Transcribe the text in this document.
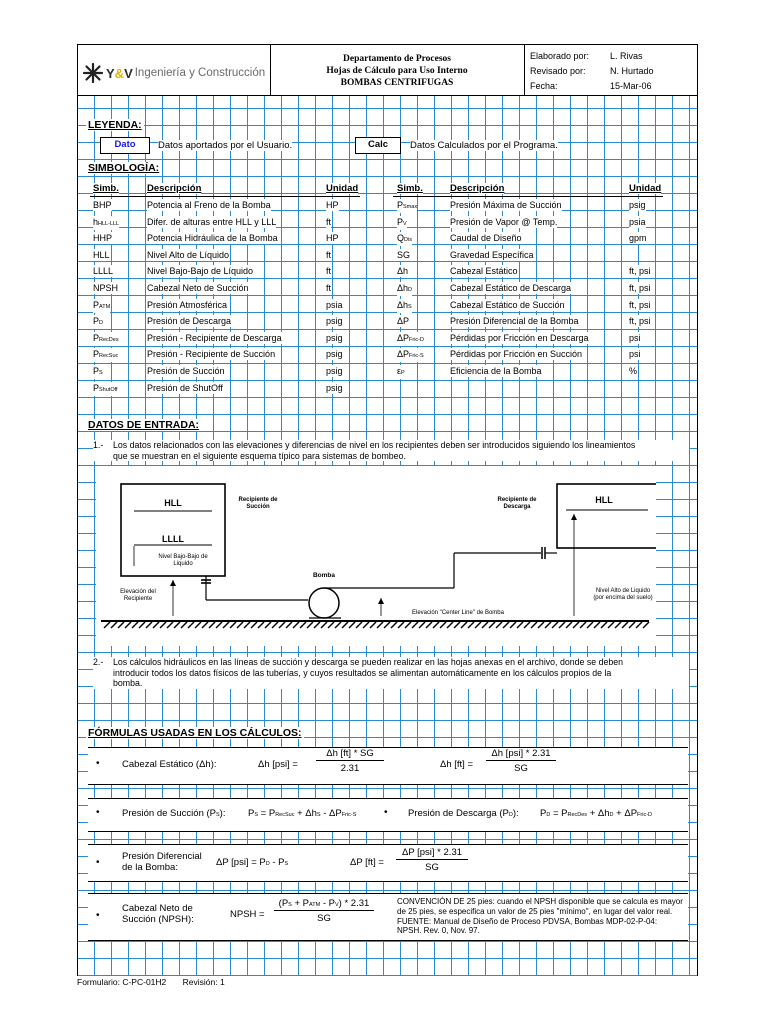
Y&V Ingeniería y Construcción
Departamento de Procesos
Hojas de Cálculo para Uso Interno
BOMBAS CENTRIFUGAS
Elaborado por:	L. Rivas
Revisado por:	N. Hurtado
Fecha:	15-Mar-06
LEYENDA:
Dato	Datos aportados por el Usuario.	Calc	Datos Calculados por el Programa.
SIMBOLOGÍA:
Simb.	Descripción	Unidad	Simb.	Descripción	Unidad
BHP	Potencia al Freno de la Bomba	HP
hHLL-LLL	Difer. de alturas entre HLL y LLL	ft
HHP	Potencia Hidráulica de la Bomba	HP
HLL	Nivel Alto de Líquido	ft
LLLL	Nivel Bajo-Bajo de Líquido	ft
NPSH	Cabezal Neto de Succión	ft
PATM	Presión Atmosférica	psia
PD	Presión de Descarga	psig
PRecDes	Presión - Recipiente de Descarga	psig
PRecSuc	Presión - Recipiente de Succión	psig
PS	Presión de Succión	psig
PShutOff	Presión de ShutOff	psig
PSmax	Presión Máxima de Succión	psig
PV	Presión de Vapor @ Temp.	psia
QDis	Caudal de Diseño	gpm
SG	Gravedad Específica
Δh	Cabezal Estático	ft, psi
ΔhD	Cabezal Estático de Descarga	ft, psi
ΔhS	Cabezal Estático de Succión	ft, psi
ΔP	Presión Diferencial de la Bomba	ft, psi
ΔPFric-D	Pérdidas por Fricción en Descarga	psi
ΔPFric-S	Pérdidas por Fricción en Succión	psi
εP	Eficiencia de la Bomba	%
DATOS DE ENTRADA:
1.- Los datos relacionados con las elevaciones y diferencias de nivel en los recipientes deben ser introducidos siguiendo los lineamientos
que se muestran en el siguiente esquema típico para sistemas de bombeo.
HLL
LLLL
Nivel Bajo-Bajo de
Liquido
Recipiente de
Succión
Recipiente de
Descarga
HLL
Bomba
Elevación del
Recipiente
Elevación "Center Line" de Bomba
Nivel Alto de Liquido
(por encima del suelo)
2.- Los cálculos hidráulicos en las líneas de succión y descarga se pueden realizar en las hojas anexas en el archivo, donde se deben
introducir todos los datos físicos de las tuberías, y cuyos resultados se alimentan automáticamente en los cálculos propios de la
bomba.
FÓRMULAS USADAS EN LOS CÁLCULOS:
• Cabezal Estático (Δh):	Δh $[psi] = \frac{\Delta h [ft] * SG}{2.31}$	Δh [ft] =
Δh [psi] * 2.31
SG
• Presión de Succión (PS): PS = PRecSuc + ΔhS - ΔPFric-S	• Presión de Descarga (PD): PD = PRecDes + ΔhD + ΔPFric-D
•
Presión Diferencial
de la Bomba:	ΔP [psi] = PD - PS	ΔP [ft] =
ΔP [psi] * 2.31
SG
•
Cabezal Neto de
Succión (NPSH):	NPSH =
(PS + PATM - PV) * 2.31
SG
CONVENCIÓN DE 25 pies: cuando el NPSH disponible que se calcula es mayor
de 25 pies, se especifica un valor de 25 pies "mínimo", en lugar del valor real.
FUENTE: Manual de Diseño de Proceso PDVSA, Bombas MDP-02-P-04:
NPSH. Rev. 0, Nov. 97.
Formulario: C-PC-01H2 Revisión: 1
